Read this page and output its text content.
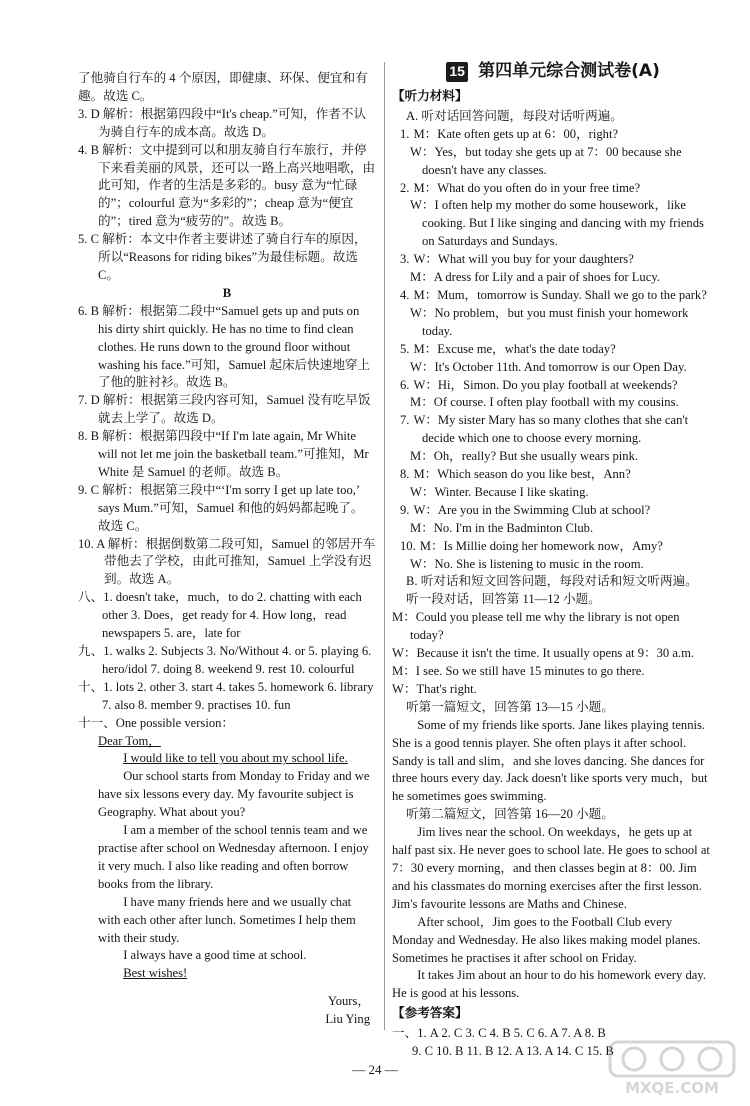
了他骑自行车的 4 个原因，即健康、环保、便宜和有趣。故选 C。

3. D 解析：根据第四段中“It's cheap.”可知，作者不认为骑自行车的成本高。故选 D。

4. B 解析：文中提到可以和朋友骑自行车旅行，并停下来看美丽的风景，还可以一路上高兴地唱歌，由此可知，作者的生活是多彩的。busy 意为“忙碌的”；colourful 意为“多彩的”；cheap 意为“便宜的”；tired 意为“疲劳的”。故选 B。

5. C 解析：本文中作者主要讲述了骑自行车的原因，所以“Reasons for riding bikes”为最佳标题。故选 C。

B

6. B 解析：根据第二段中“Samuel gets up and puts on his dirty shirt quickly. He has no time to find clean clothes. He runs down to the ground floor without washing his face.”可知，Samuel 起床后快速地穿上了他的脏衬衫。故选 B。

7. D 解析：根据第三段内容可知，Samuel 没有吃早饭就去上学了。故选 D。

8. B 解析：根据第四段中“If I'm late again, Mr White will not let me join the basketball team.”可推知，Mr White 是 Samuel 的老师。故选 B。

9. C 解析：根据第三段中“‘I'm sorry I get up late too,’ says Mum.”可知，Samuel 和他的妈妈都起晚了。故选 C。

10. A 解析：根据倒数第二段可知，Samuel 的邻居开车带他去了学校，由此可推知，Samuel 上学没有迟到。故选 A。

八、1. doesn't take，much，to do 2. chatting with each other 3. Does，get ready for 4. How long，read newspapers 5. are，late for

九、1. walks 2. Subjects 3. No/Without 4. or 5. playing 6. hero/idol 7. doing 8. weekend 9. rest 10. colourful

十、1. lots 2. other 3. start 4. takes 5. homework 6. library 7. also 8. member 9. practises 10. fun

十一、One possible version：

Dear Tom，

I would like to tell you about my school life.

Our school starts from Monday to Friday and we have six lessons every day. My favourite subject is Geography. What about you?

I am a member of the school tennis team and we practise after school on Wednesday afternoon. I enjoy it very much. I also like reading and often borrow books from the library.

I have many friends here and we usually chat with each other after lunch. Sometimes I help them with their study.

I always have a good time at school.

Best wishes!

Yours，

Liu Ying

15 第四单元综合测试卷(A)

【听力材料】

A. 听对话回答问题，每段对话听两遍。

1. M：Kate often gets up at 6：00，right?

W：Yes，but today she gets up at 7：00 because she doesn't have any classes.

2. M：What do you often do in your free time?

W：I often help my mother do some housework，like cooking. But I like singing and dancing with my friends on Saturdays and Sundays.

3. W：What will you buy for your daughters?

M：A dress for Lily and a pair of shoes for Lucy.

4. M：Mum，tomorrow is Sunday. Shall we go to the park?

W：No problem，but you must finish your homework today.

5. M：Excuse me，what's the date today?

W：It's October 11th. And tomorrow is our Open Day.

6. W：Hi，Simon. Do you play football at weekends?

M：Of course. I often play football with my cousins.

7. W：My sister Mary has so many clothes that she can't decide which one to choose every morning.

M：Oh，really? But she usually wears pink.

8. M：Which season do you like best，Ann?

W：Winter. Because I like skating.

9. W：Are you in the Swimming Club at school?

M：No. I'm in the Badminton Club.

10. M：Is Millie doing her homework now，Amy?

W：No. She is listening to music in the room.

B. 听对话和短文回答问题，每段对话和短文听两遍。

听一段对话，回答第 11—12 小题。

M：Could you please tell me why the library is not open today?

W：Because it isn't the time. It usually opens at 9：30 a.m.

M：I see. So we still have 15 minutes to go there.

W：That's right.

听第一篇短文，回答第 13—15 小题。

Some of my friends like sports. Jane likes playing tennis. She is a good tennis player. She often plays it after school. Sandy is tall and slim，and she loves dancing. She dances for three hours every day. Jack doesn't like sports very much，but he sometimes goes swimming.

听第二篇短文，回答第 16—20 小题。

Jim lives near the school. On weekdays，he gets up at half past six. He never goes to school late. He goes to school at 7：30 every morning，and then classes begin at 8：00. Jim and his classmates do morning exercises after the first lesson. Jim's favourite lessons are Maths and Chinese.

After school，Jim goes to the Football Club every Monday and Wednesday. He also likes making model planes. Sometimes he practises it after school on Friday.

It takes Jim about an hour to do his homework every day. He is good at his lessons.

【参考答案】

一、1. A 2. C 3. C 4. B 5. C 6. A 7. A 8. B

9. C 10. B 11. B 12. A 13. A 14. C 15. B

— 24 —
MXQE.COM
